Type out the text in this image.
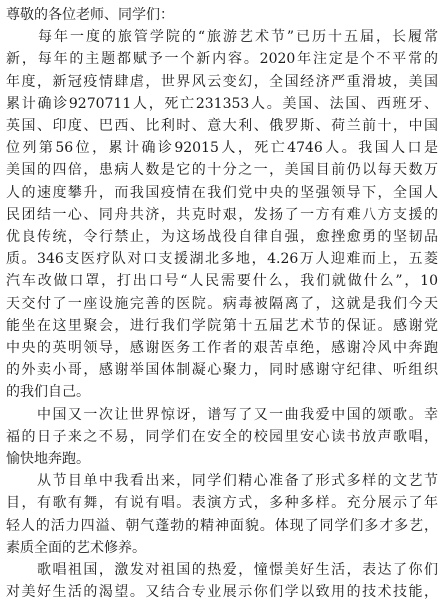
尊敬的各位老师、同学们：
　　每年一度的旅管学院的“旅游艺术节”已历十五届，长履常
新，每年的主题都赋予一个新内容。2020年注定是个不平常的
年度，新冠疫情肆虐，世界风云变幻，全国经济严重滑坡，美国
累计确诊9270711人，死亡231353人。美国、法国、西班牙、
英国、印度、巴西、比利时、意大利、俄罗斯、荷兰前十，中国
位列第56位，累计确诊92015人，死亡4746人。我国人口是
美国的四倍，患病人数是它的十分之一，美国目前仍以每天数万
人的速度攀升，而我国疫情在我们党中央的坚强领导下，全国人
民团结一心、同舟共济，共克时艰，发扬了一方有难八方支援的
优良传统，令行禁止，为这场战役自律自强，愈挫愈勇的坚韧品
质。346支医疗队对口支援湖北多地，4.26万人迎难而上，五菱
汽车改做口罩，打出口号“人民需要什么，我们就做什么”，10
天交付了一座设施完善的医院。病毒被隔离了，这就是我们今天
能坐在这里聚会，进行我们学院第十五届艺术节的保证。感谢党
中央的英明领导，感谢医务工作者的艰苦卓绝，感谢冷风中奔跑
的外卖小哥，感谢举国体制凝心聚力，同时感谢守纪律、听组织
的我们自己。
　　中国又一次让世界惊讶，谱写了又一曲我爱中国的颂歌。幸
福的日子来之不易，同学们在安全的校园里安心读书放声歌唱，
愉快地奔跑。
　　从节目单中我看出来，同学们精心准备了形式多样的文艺节
目，有歌有舞，有说有唱。表演方式，多种多样。充分展示了年
轻人的活力四溢、朝气蓬勃的精神面貌。体现了同学们多才多艺，
素质全面的艺术修养。
　　歌唱祖国，激发对祖国的热爱，憧憬美好生活，表达了你们
对美好生活的渴望。又结合专业展示你们学以致用的技术技能，
